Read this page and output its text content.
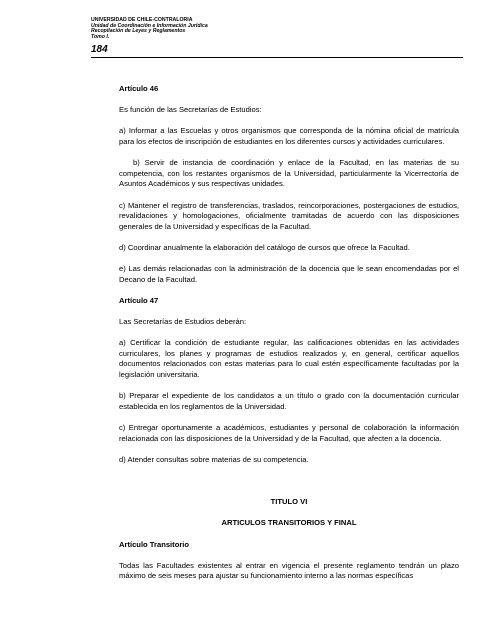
UNIVERSIDAD DE CHILE-CONTRALORIA
Unidad de Coordinación e Información Jurídica
Recopilación de Leyes y Reglamentos
Tomo I.
184

Artículo 46

Es función de las Secretarías de Estudios:

a) Informar a las Escuelas y otros organismos que corresponda de la nómina oficial de matrícula para los efectos de inscripción de estudiantes en los diferentes cursos y actividades curriculares.

b) Servir de instancia de coordinación y enlace de la Facultad, en las materias de su competencia, con los restantes organismos de la Universidad, particularmente la Vicerrectoría de Asuntos Académicos y sus respectivas unidades.

c) Mantener el registro de transferencias, traslados, reincorporaciones, postergaciones de estudios, revalidaciones y homologaciones, oficialmente tramitadas de acuerdo con las disposiciones generales de la Universidad y específicas de la Facultad.

d) Coordinar anualmente la elaboración del catálogo de cursos que ofrece la Facultad.

e) Las demás relacionadas con la administración de la docencia que le sean encomendadas por el Decano de la Facultad.

Artículo 47

Las Secretarías de Estudios deberán:

a) Certificar la condición de estudiante regular, las calificaciones obtenidas en las actividades curriculares, los planes y programas de estudios realizados y, en general, certificar aquellos documentos relacionados con estas materias para lo cual estén específicamente facultadas por la legislación universitaria.

b) Preparar el expediente de los candidatos a un título o grado con la documentación curricular establecida en los reglamentos de la Universidad.

c) Entregar oportunamente a académicos, estudiantes y personal de colaboración la información relacionada con las disposiciones de la Universidad y de la Facultad, que afecten a la docencia.

d) Atender consultas sobre materias de su competencia.

TITULO VI

ARTICULOS TRANSITORIOS Y FINAL

Artículo Transitorio

Todas las Facultades existentes al entrar en vigencia el presente reglamento tendrán un plazo máximo de seis meses para ajustar su funcionamiento interno a las normas específicas
